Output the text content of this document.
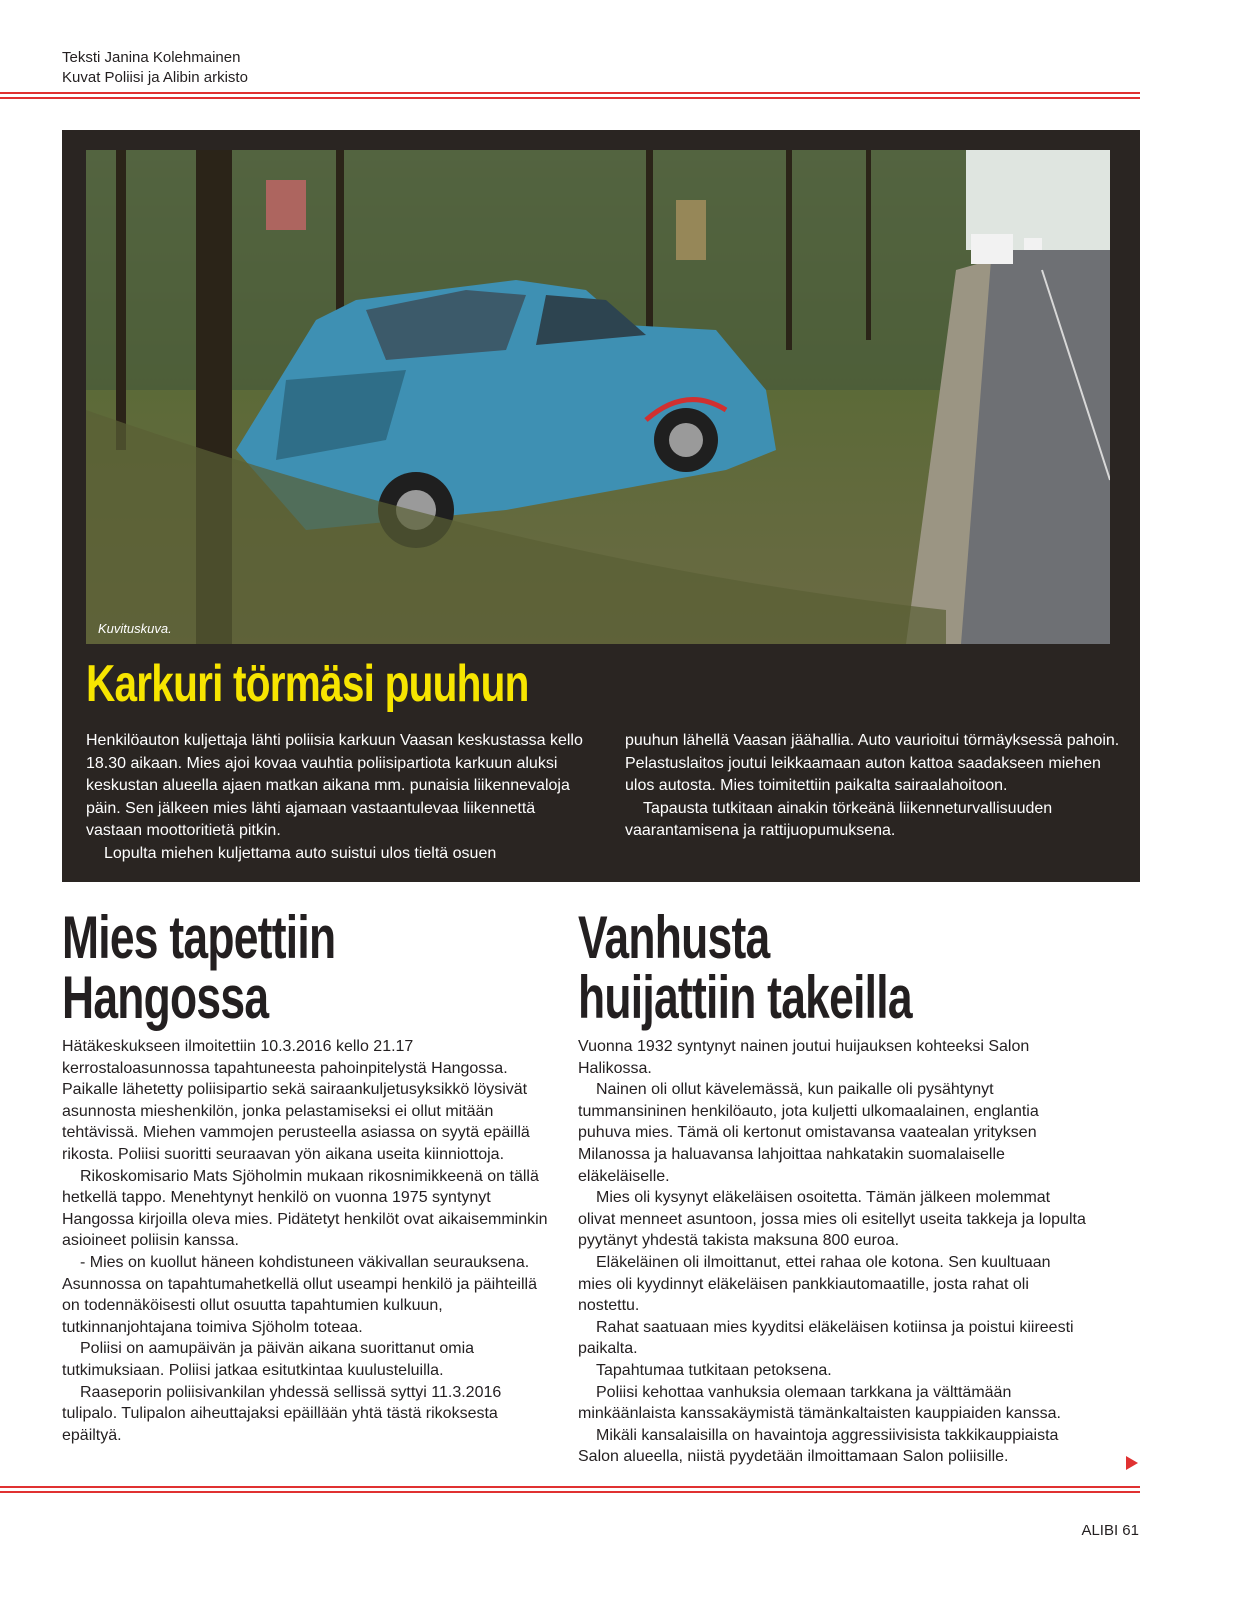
Teksti Janina Kolehmainen
Kuvat Poliisi ja Alibin arkisto
Kuvituskuva.
Karkuri törmäsi puuhun

Henkilöauton kuljettaja lähti poliisia karkuun Vaasan keskustassa kello 18.30 aikaan. Mies ajoi kovaa vauhtia poliisipartiota karkuun aluksi keskustan alueella ajaen matkan aikana mm. punaisia liikennevaloja päin. Sen jälkeen mies lähti ajamaan vastaantulevaa liikennettä vastaan moottoritietä pitkin.

Lopulta miehen kuljettama auto suistui ulos tieltä osuen

puuhun lähellä Vaasan jäähallia. Auto vaurioitui törmäyksessä pahoin. Pelastuslaitos joutui leikkaamaan auton kattoa saadakseen miehen ulos autosta. Mies toimitettiin paikalta sairaalahoitoon.

Tapausta tutkitaan ainakin törkeänä liikenneturvallisuuden vaarantamisena ja rattijuopumuksena.

Mies tapettiin
Hangossa

Hätäkeskukseen ilmoitettiin 10.3.2016 kello 21.17 kerrostaloasunnossa tapahtuneesta pahoinpitelystä Hangossa. Paikalle lähetetty poliisipartio sekä sairaankuljetusyksikkö löysivät asunnosta mieshenkilön, jonka pelastamiseksi ei ollut mitään tehtävissä. Miehen vammojen perusteella asiassa on syytä epäillä rikosta. Poliisi suoritti seuraavan yön aikana useita kiinniottoja.

Rikoskomisario Mats Sjöholmin mukaan rikosnimikkeenä on tällä hetkellä tappo. Menehtynyt henkilö on vuonna 1975 syntynyt Hangossa kirjoilla oleva mies. Pidätetyt henkilöt ovat aikaisemminkin asioineet poliisin kanssa.

- Mies on kuollut häneen kohdistuneen väkivallan seurauksena. Asunnossa on tapahtumahetkellä ollut useampi henkilö ja päihteillä on todennäköisesti ollut osuutta tapahtumien kulkuun, tutkinnanjohtajana toimiva Sjöholm toteaa.

Poliisi on aamupäivän ja päivän aikana suorittanut omia tutkimuksiaan. Poliisi jatkaa esitutkintaa kuulusteluilla.

Raaseporin poliisivankilan yhdessä sellissä syttyi 11.3.2016 tulipalo. Tulipalon aiheuttajaksi epäillään yhtä tästä rikoksesta epäiltyä.

Vanhusta
huijattiin takeilla

Vuonna 1932 syntynyt nainen joutui huijauksen kohteeksi Salon Halikossa.

Nainen oli ollut kävelemässä, kun paikalle oli pysähtynyt tummansininen henkilöauto, jota kuljetti ulkomaalainen, englantia puhuva mies. Tämä oli kertonut omistavansa vaatealan yrityksen Milanossa ja haluavansa lahjoittaa nahkatakin suomalaiselle eläkeläiselle.

Mies oli kysynyt eläkeläisen osoitetta. Tämän jälkeen molemmat olivat menneet asuntoon, jossa mies oli esitellyt useita takkeja ja lopulta pyytänyt yhdestä takista maksuna 800 euroa.

Eläkeläinen oli ilmoittanut, ettei rahaa ole kotona. Sen kuultuaan mies oli kyydinnyt eläkeläisen pankkiautomaatille, josta rahat oli nostettu.

Rahat saatuaan mies kyyditsi eläkeläisen kotiinsa ja poistui kiireesti paikalta.

Tapahtumaa tutkitaan petoksena.

Poliisi kehottaa vanhuksia olemaan tarkkana ja välttämään minkäänlaista kanssakäymistä tämänkaltaisten kauppiaiden kanssa.

Mikäli kansalaisilla on havaintoja aggressiivisista takkikauppiaista Salon alueella, niistä pyydetään ilmoittamaan Salon poliisille.

ALIBI 61
